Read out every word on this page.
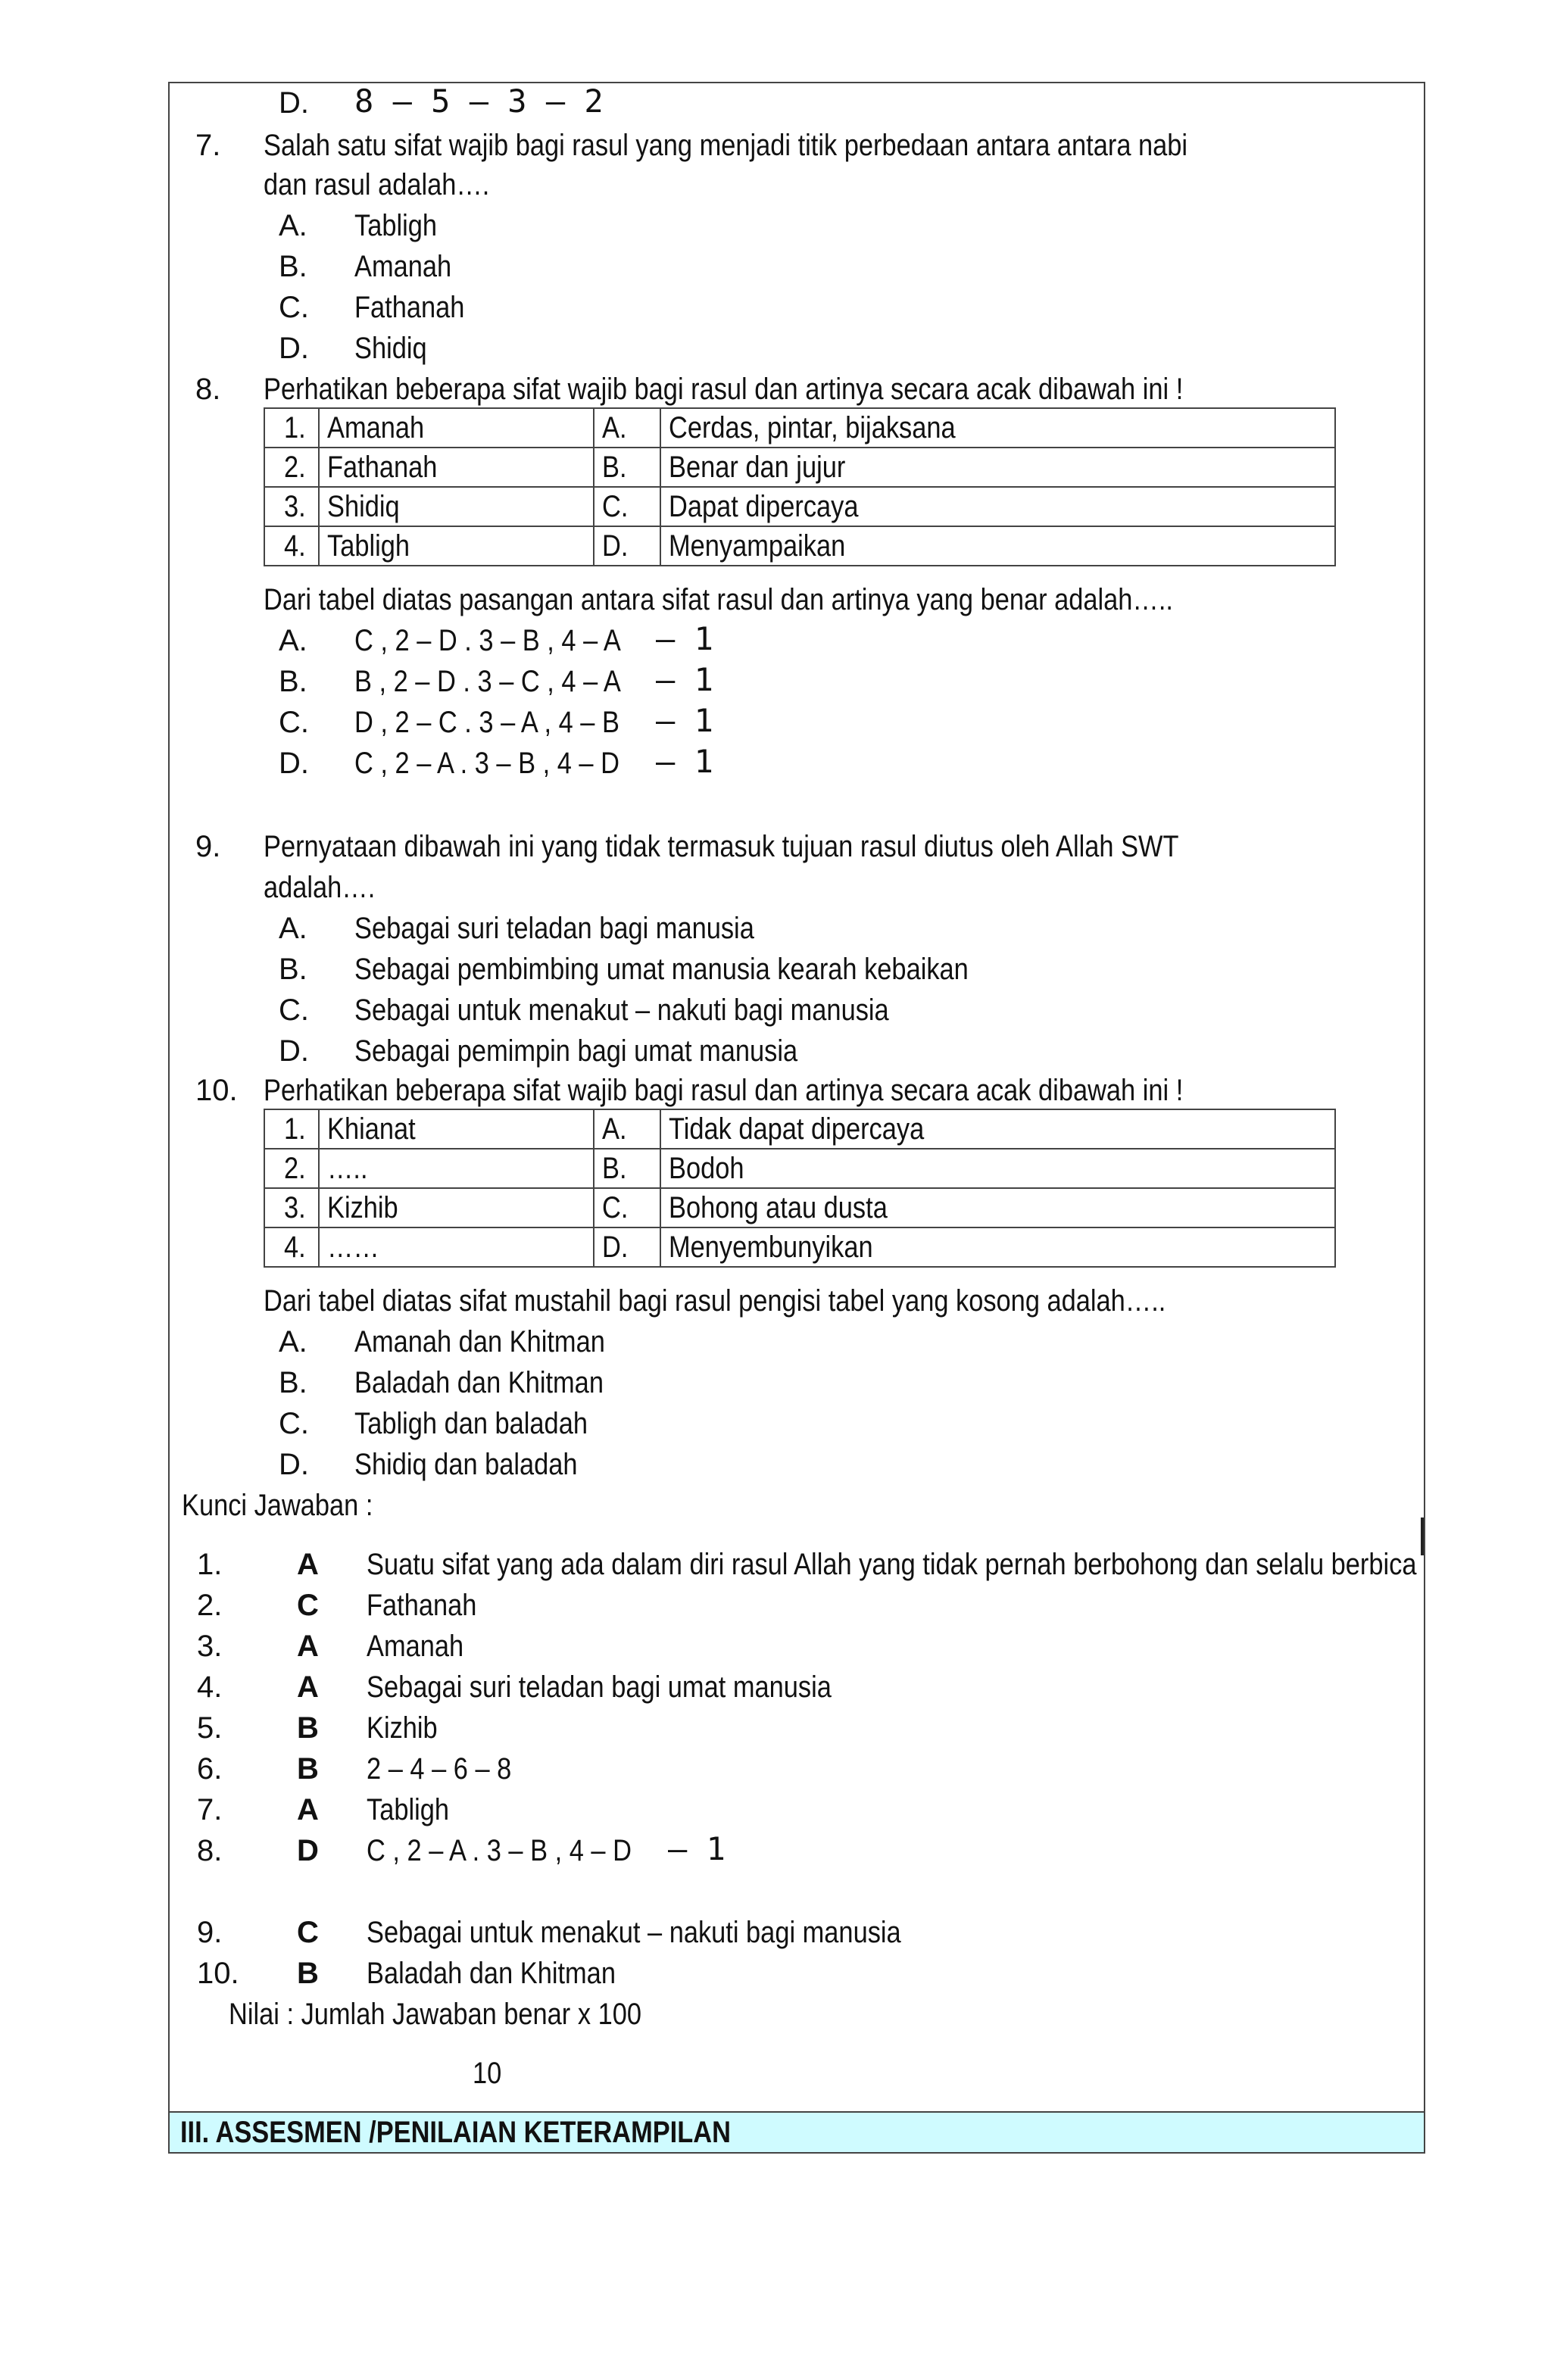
D. 8 – 5 – 3 – 2
7. Salah satu sifat wajib bagi rasul yang menjadi titik perbedaan antara antara nabi
dan rasul adalah….
A. Tabligh
B. Amanah
C. Fathanah
D. Shidiq
8. Perhatikan beberapa sifat wajib bagi rasul dan artinya secara acak dibawah ini !
1.	Amanah	A.	Cerdas, pintar, bijaksana
2.	Fathanah	B.	Benar dan jujur
3.	Shidiq	C.	Dapat dipercaya
4.	Tabligh	D.	Menyampaikan
Dari tabel diatas pasangan antara sifat rasul dan artinya yang benar adalah…..
A. C , 2 – D . 3 – B , 4 – A – 1
B. B , 2 – D . 3 – C , 4 – A – 1
C. D , 2 – C . 3 – A , 4 – B – 1
D. C , 2 – A . 3 – B , 4 – D – 1
9. Pernyataan dibawah ini yang tidak termasuk tujuan rasul diutus oleh Allah SWT
adalah….
A. Sebagai suri teladan bagi manusia
B. Sebagai pembimbing umat manusia kearah kebaikan
C. Sebagai untuk menakut – nakuti bagi manusia
D. Sebagai pemimpin bagi umat manusia
10. Perhatikan beberapa sifat wajib bagi rasul dan artinya secara acak dibawah ini !
1.	Khianat	A.	Tidak dapat dipercaya
2.	…..	B.	Bodoh
3.	Kizhib	C.	Bohong atau dusta
4.	……	D.	Menyembunyikan
Dari tabel diatas sifat mustahil bagi rasul pengisi tabel yang kosong adalah…..
A. Amanah dan Khitman
B. Baladah dan Khitman
C. Tabligh dan baladah
D. Shidiq dan baladah
Kunci Jawaban :
1. A Suatu sifat yang ada dalam diri rasul Allah yang tidak pernah berbohong dan selalu berbica
2. C Fathanah
3. A Amanah
4. A Sebagai suri teladan bagi umat manusia
5. B Kizhib
6. B 2 – 4 – 6 – 8
7. A Tabligh
8. D C , 2 – A . 3 – B , 4 – D – 1
9. C Sebagai untuk menakut – nakuti bagi manusia
10. B Baladah dan Khitman
Nilai : Jumlah Jawaban benar x 100
10
III. ASSESMEN /PENILAIAN KETERAMPILAN
